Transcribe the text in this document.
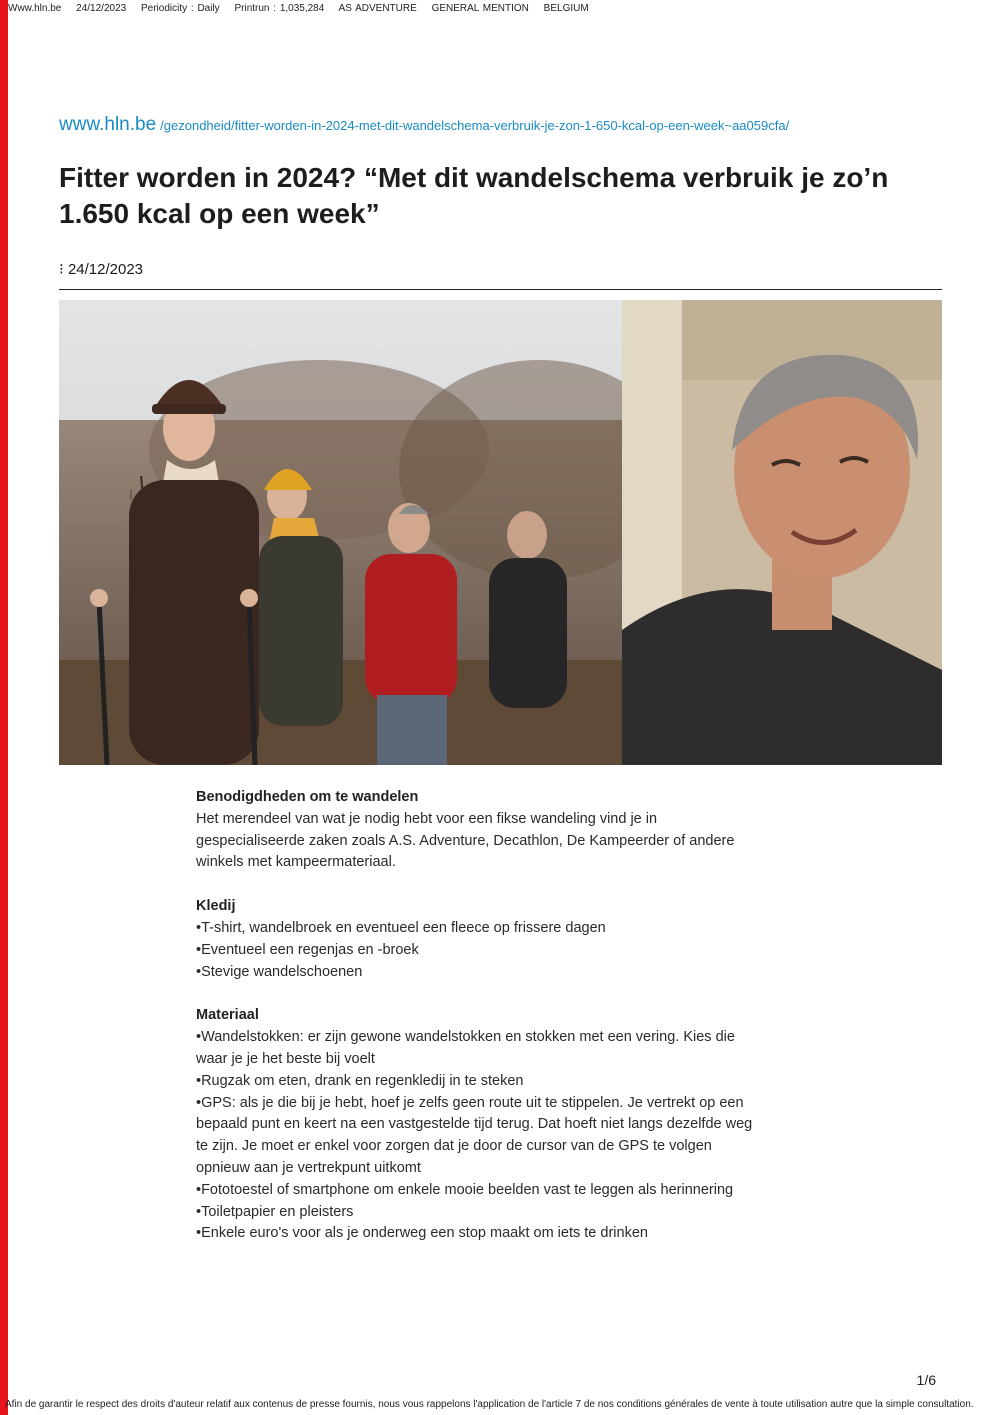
Www.hln.be 24/12/2023 Periodicity : Daily Printrun : 1,035,284 AS ADVENTURE GENERAL MENTION BELGIUM
www.hln.be /gezondheid/fitter-worden-in-2024-met-dit-wandelschema-verbruik-je-zon-1-650-kcal-op-een-week~aa059cfa/
Fitter worden in 2024? “Met dit wandelschema verbruik je zo’n 1.650 kcal op een week”
⁝ 24/12/2023
Benodigdheden om te wandelen

Het merendeel van wat je nodig hebt voor een fikse wandeling vind je in gespecialiseerde zaken zoals A.S. Adventure, Decathlon, De Kampeerder of andere winkels met kampeermateriaal.

Kledij
• T-shirt, wandelbroek en eventueel een fleece op frissere dagen
• Eventueel een regenjas en -broek
• Stevige wandelschoenen
Materiaal
• Wandelstokken: er zijn gewone wandelstokken en stokken met een vering. Kies die waar je je het beste bij voelt
• Rugzak om eten, drank en regenkledij in te steken
• GPS: als je die bij je hebt, hoef je zelfs geen route uit te stippelen. Je vertrekt op een bepaald punt en keert na een vastgestelde tijd terug. Dat hoeft niet langs dezelfde weg te zijn. Je moet er enkel voor zorgen dat je door de cursor van de GPS te volgen opnieuw aan je vertrekpunt uitkomt
• Fototoestel of smartphone om enkele mooie beelden vast te leggen als herinnering
• Toiletpapier en pleisters
• Enkele euro's voor als je onderweg een stop maakt om iets te drinken
1/6
Afin de garantir le respect des droits d'auteur relatif aux contenus de presse fournis, nous vous rappelons l'application de l'article 7 de nos conditions générales de vente à toute utilisation autre que la simple consultation.
